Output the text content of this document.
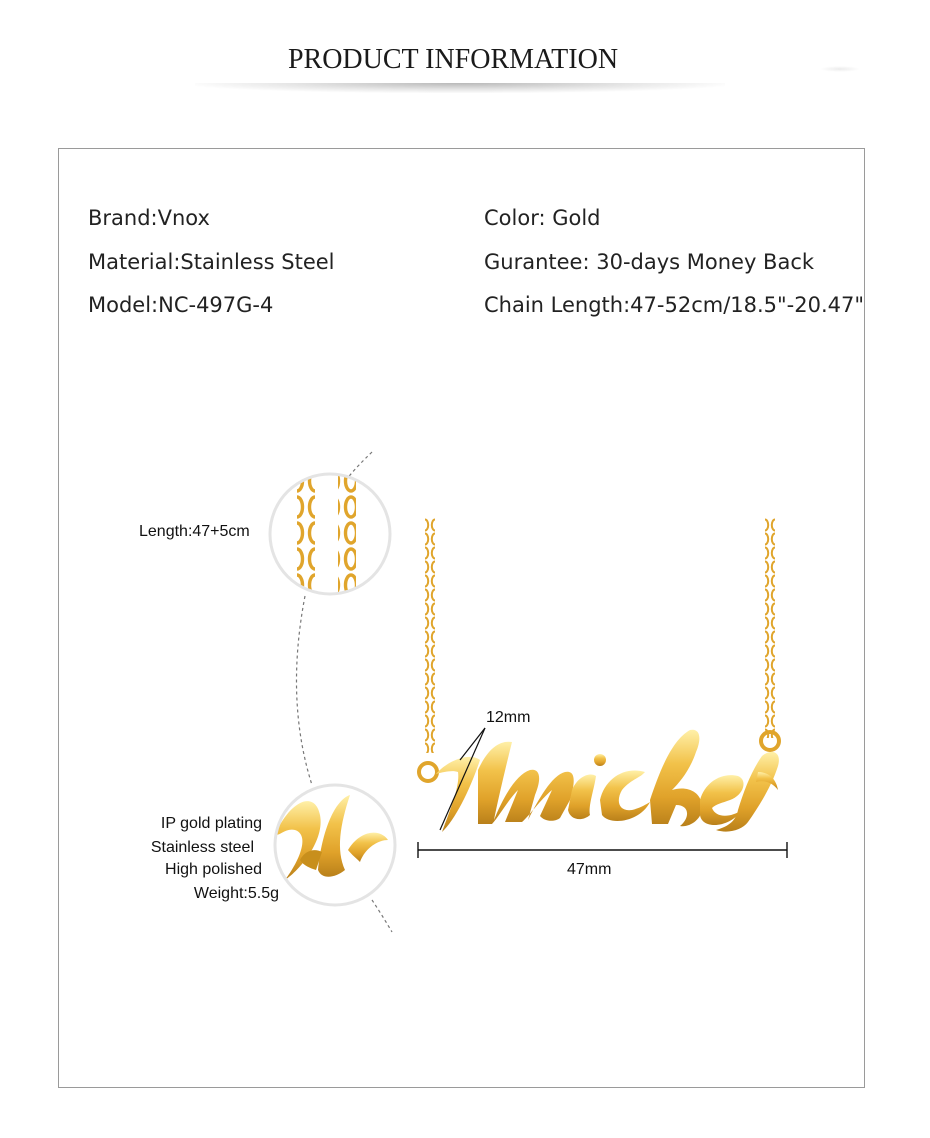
PRODUCT INFORMATION
Brand:Vnox
Material:Stainless Steel
Model:NC-497G-4
Color: Gold
Gurantee: 30-days Money Back
Chain Length:47-52cm/18.5"-20.47"
Length:47+5cm
12mm
47mm
IP gold plating
Stainless steel
High polished
Weight:5.5g
